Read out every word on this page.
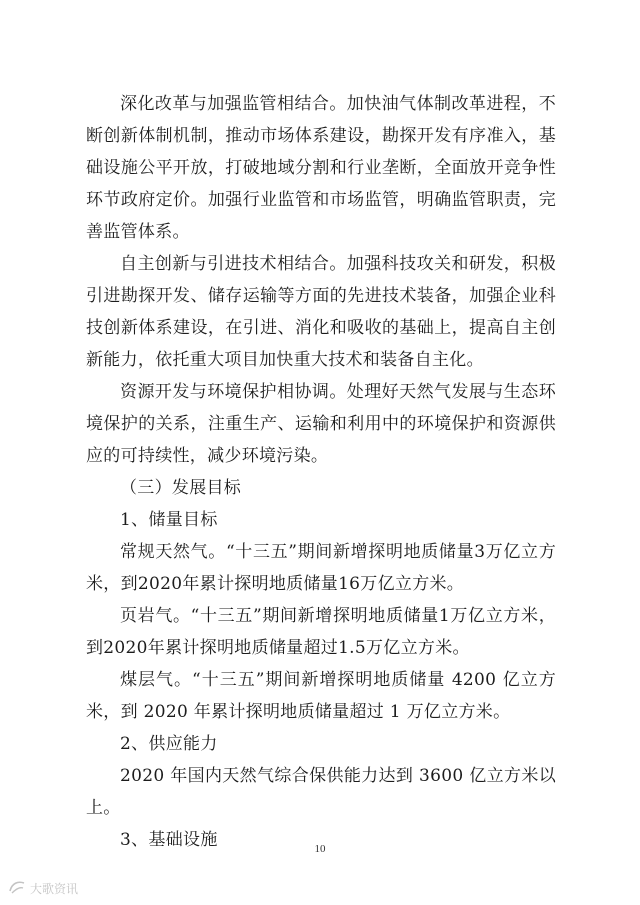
深化改革与加强监管相结合。加快油气体制改革进程，不断创新体制机制，推动市场体系建设，勘探开发有序准入，基础设施公平开放，打破地域分割和行业垄断，全面放开竞争性环节政府定价。加强行业监管和市场监管，明确监管职责，完善监管体系。

自主创新与引进技术相结合。加强科技攻关和研发，积极引进勘探开发、储存运输等方面的先进技术装备，加强企业科技创新体系建设，在引进、消化和吸收的基础上，提高自主创新能力，依托重大项目加快重大技术和装备自主化。

资源开发与环境保护相协调。处理好天然气发展与生态环境保护的关系，注重生产、运输和利用中的环境保护和资源供应的可持续性，减少环境污染。

（三）发展目标

1、储量目标

常规天然气。“十三五”期间新增探明地质储量3万亿立方米，到2020年累计探明地质储量16万亿立方米。

页岩气。“十三五”期间新增探明地质储量1万亿立方米，到2020年累计探明地质储量超过1.5万亿立方米。

煤层气。“十三五”期间新增探明地质储量 4200 亿立方米，到 2020 年累计探明地质储量超过 1 万亿立方米。

2、供应能力

2020 年国内天然气综合保供能力达到 3600 亿立方米以上。

3、基础设施	10
大歌资讯
